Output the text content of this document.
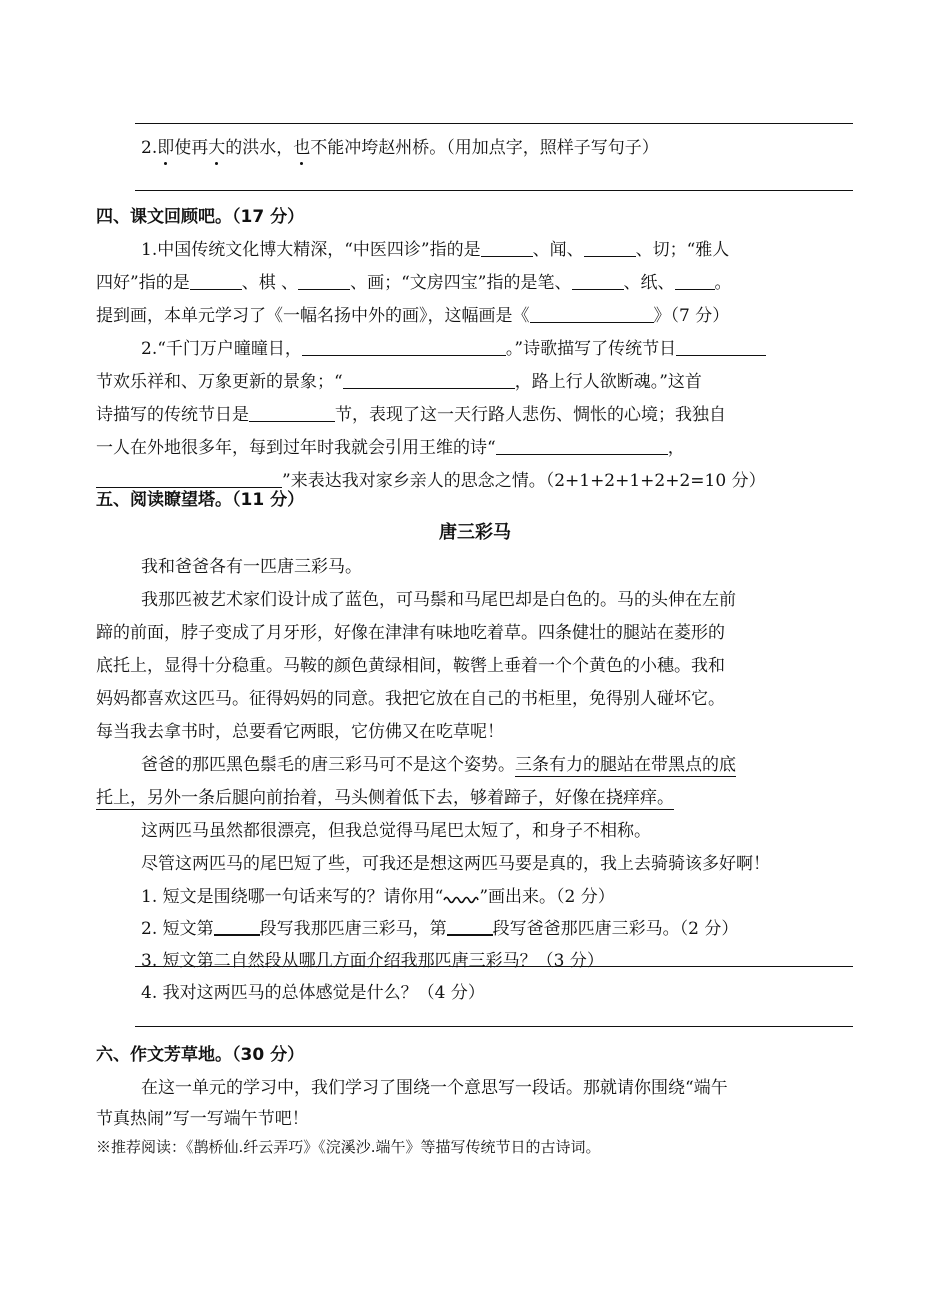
2.即使再大的洪水，也不能冲垮赵州桥。（用加点字，照样子写句子）
四、课文回顾吧。（17 分）
1.中国传统文化博大精深，“中医四诊”指的是	、闻、	、切；“雅人
四好”指的是	、棋 、	、画；“文房四宝”指的是笔、	、纸、 。
提到画，本单元学习了《一幅名扬中外的画》，这幅画是《	》（7 分）
2.“千门万户曈曈日，	。”诗歌描写了传统节日
节欢乐祥和、万象更新的景象；“	，路上行人欲断魂。”这首
诗描写的传统节日是	节，表现了这一天行路人悲伤、惆怅的心境；我独自
一人在外地很多年，每到过年时我就会引用王维的诗“	，
”来表达我对家乡亲人的思念之情。（2+1+2+1+2+2=10 分）
五、阅读瞭望塔。（11 分）
唐三彩马
我和爸爸各有一匹唐三彩马。
我那匹被艺术家们设计成了蓝色，可马鬃和马尾巴却是白色的。马的头伸在左前
蹄的前面，脖子变成了月牙形，好像在津津有味地吃着草。四条健壮的腿站在菱形的
底托上，显得十分稳重。马鞍的颜色黄绿相间，鞍辔上垂着一个个黄色的小穗。我和
妈妈都喜欢这匹马。征得妈妈的同意。我把它放在自己的书柜里，免得别人碰坏它。
每当我去拿书时，总要看它两眼，它仿佛又在吃草呢！
爸爸的那匹黑色鬃毛的唐三彩马可不是这个姿势。三条有力的腿站在带黑点的底
托上，另外一条后腿向前抬着，马头侧着低下去，够着蹄子，好像在挠痒痒。
这两匹马虽然都很漂亮，但我总觉得马尾巴太短了，和身子不相称。
尽管这两匹马的尾巴短了些，可我还是想这两匹马要是真的，我上去骑骑该多好啊！
1. 短文是围绕哪一句话来写的？请你用“ ”画出来。（2 分）
2. 短文第	段写我那匹唐三彩马，第	段写爸爸那匹唐三彩马。（2 分）
3. 短文第二自然段从哪几方面介绍我那匹唐三彩马？（3 分）
4. 我对这两匹马的总体感觉是什么？（4 分）
六、作文芳草地。（30 分）
在这一单元的学习中，我们学习了围绕一个意思写一段话。那就请你围绕“端午
节真热闹”写一写端午节吧！
※推荐阅读：《鹊桥仙.纤云弄巧》《浣溪沙.端午》等描写传统节日的古诗词。
